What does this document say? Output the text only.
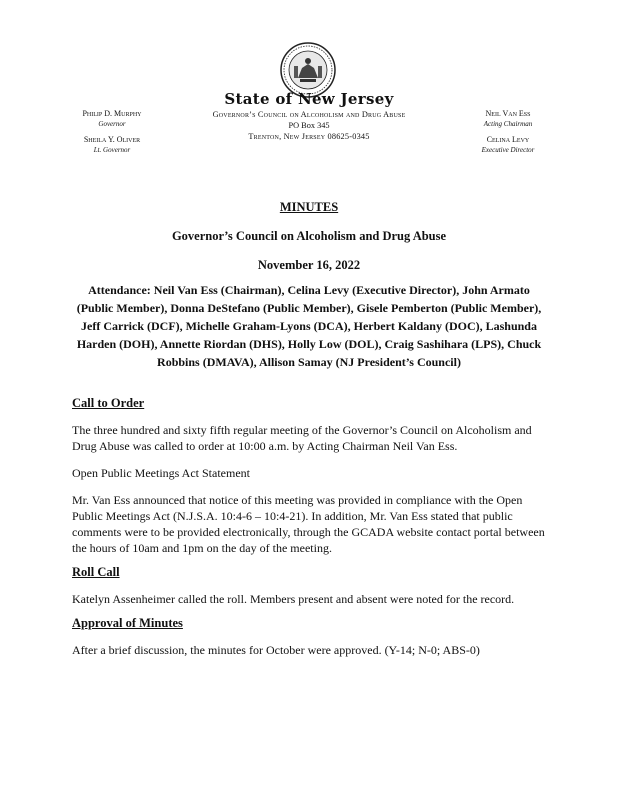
State of New Jersey
Philip D. Murphy
Governor
Sheila Y. Oliver
Lt. Governor
Governor’s Council on Alcoholism and Drug Abuse
PO Box 345
Trenton, New Jersey 08625-0345
Neil Van Ess
Acting Chairman
Celina Levy
Executive Director
MINUTES
Governor’s Council on Alcoholism and Drug Abuse
November 16, 2022
Attendance: Neil Van Ess (Chairman), Celina Levy (Executive Director), John Armato (Public Member), Donna DeStefano (Public Member), Gisele Pemberton (Public Member), Jeff Carrick (DCF), Michelle Graham-Lyons (DCA), Herbert Kaldany (DOC), Lashunda Harden (DOH), Annette Riordan (DHS), Holly Low (DOL), Craig Sashihara (LPS), Chuck Robbins (DMAVA), Allison Samay (NJ President’s Council)
Call to Order
The three hundred and sixty fifth regular meeting of the Governor’s Council on Alcoholism and Drug Abuse was called to order at 10:00 a.m. by Acting Chairman Neil Van Ess.
Open Public Meetings Act Statement
Mr. Van Ess announced that notice of this meeting was provided in compliance with the Open Public Meetings Act (N.J.S.A. 10:4-6 – 10:4-21). In addition, Mr. Van Ess stated that public comments were to be provided electronically, through the GCADA website contact portal between the hours of 10am and 1pm on the day of the meeting.
Roll Call
Katelyn Assenheimer called the roll. Members present and absent were noted for the record.
Approval of Minutes
After a brief discussion, the minutes for October were approved. (Y-14; N-0; ABS-0)
